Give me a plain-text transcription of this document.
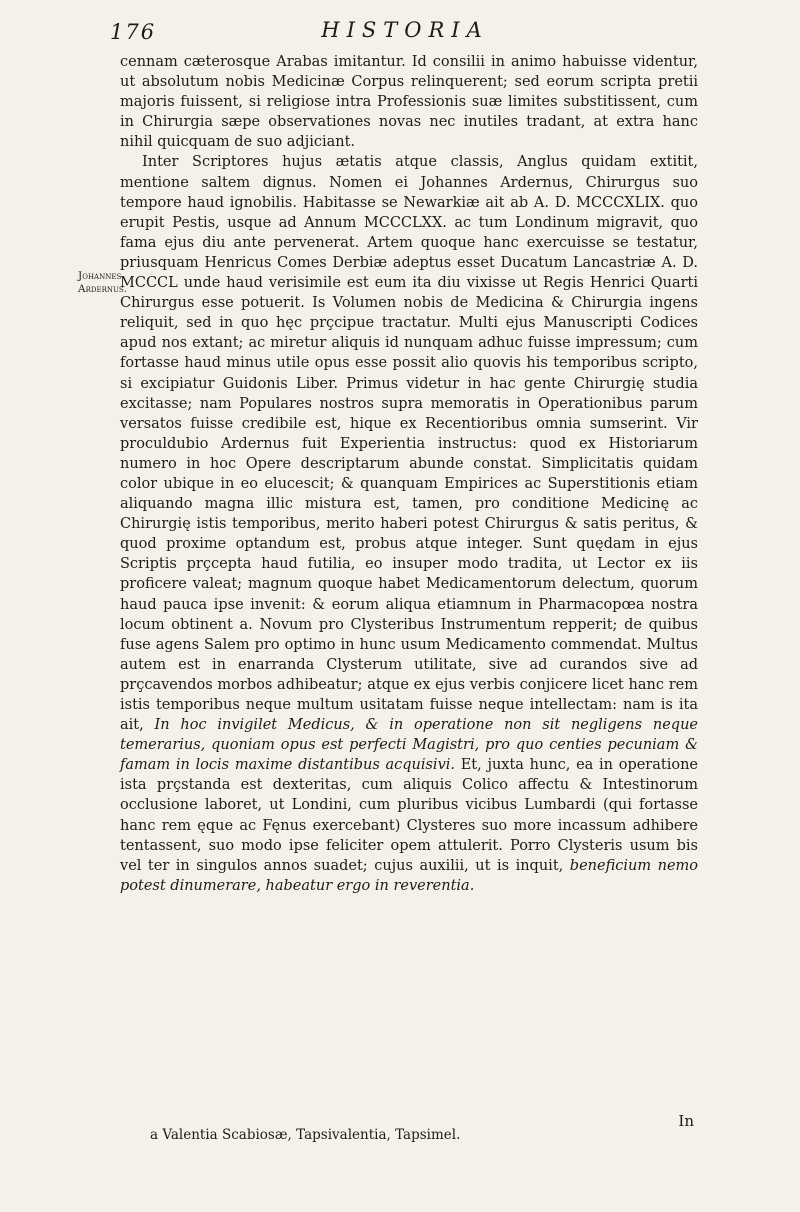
176	HISTORIA
Johannes Ardernus.

cennam cæterosque Arabas imitantur. Id consilii in animo habuisse videntur, ut absolutum nobis Medicinæ Corpus relinquerent; sed eorum scripta pretii majoris fuissent, si religiose intra Professionis suæ limites substitissent, cum in Chirurgia sæpe observationes novas nec inutiles tradant, at extra hanc nihil quicquam de suo adjiciant.

Inter Scriptores hujus ætatis atque classis, Anglus quidam extitit, mentione saltem dignus. Nomen ei Johannes Ardernus, Chirurgus suo tempore haud ignobilis. Habitasse se Newarkiæ ait ab A. D. MCCCXLIX. quo erupit Pestis, usque ad Annum MCCCLXX. ac tum Londinum migravit, quo fama ejus diu ante pervenerat. Artem quoque hanc exercuisse se testatur, priusquam Henricus Comes Derbiæ adeptus esset Ducatum Lancastriæ A. D. MCCCL unde haud verisimile est eum ita diu vixisse ut Regis Henrici Quarti Chirurgus esse potuerit. Is Volumen nobis de Medicina & Chirurgia ingens reliquit, sed in quo hęc prçcipue tractatur. Multi ejus Manuscripti Codices apud nos extant; ac miretur aliquis id nunquam adhuc fuisse impressum; cum fortasse haud minus utile opus esse possit alio quovis his temporibus scripto, si excipiatur Guidonis Liber. Primus videtur in hac gente Chirurgię studia excitasse; nam Populares nostros supra memoratis in Operationibus parum versatos fuisse credibile est, hique ex Recentioribus omnia sumserint. Vir proculdubio Ardernus fuit Experientia instructus: quod ex Historiarum numero in hoc Opere descriptarum abunde constat. Simplicitatis quidam color ubique in eo elucescit; & quanquam Empirices ac Superstitionis etiam aliquando magna illic mistura est, tamen, pro conditione Medicinę ac Chirurgię istis temporibus, merito haberi potest Chirurgus & satis peritus, & quod proxime optandum est, probus atque integer. Sunt quędam in ejus Scriptis prçcepta haud futilia, eo insuper modo tradita, ut Lector ex iis proficere valeat; magnum quoque habet Medicamentorum delectum, quorum haud pauca ipse invenit: & eorum aliqua etiamnum in Pharmacopœa nostra locum obtinent a. Novum pro Clysteribus Instrumentum repperit; de quibus fuse agens Salem pro optimo in hunc usum Medicamento commendat. Multus autem est in enarranda Clysterum utilitate, sive ad curandos sive ad prçcavendos morbos adhibeatur; atque ex ejus verbis conjicere licet hanc rem istis temporibus neque multum usitatam fuisse neque intellectam: nam is ita ait, In hoc invigilet Medicus, & in operatione non sit negligens neque temerarius, quoniam opus est perfecti Magistri, pro quo centies pecuniam & famam in locis maxime distantibus acquisivi. Et, juxta hunc, ea in operatione ista prçstanda est dexteritas, cum aliquis Colico affectu & Intestinorum occlusione laboret, ut Londini, cum pluribus vicibus Lumbardi (qui fortasse hanc rem ęque ac Fęnus exercebant) Clysteres suo more incassum adhibere tentassent, suo modo ipse feliciter opem attulerit. Porro Clysteris usum bis vel ter in singulos annos suadet; cujus auxilii, ut is inquit, beneficium nemo potest dinumerare, habeatur ergo in reverentia.

In
a Valentia Scabiosæ, Tapsivalentia, Tapsimel.
